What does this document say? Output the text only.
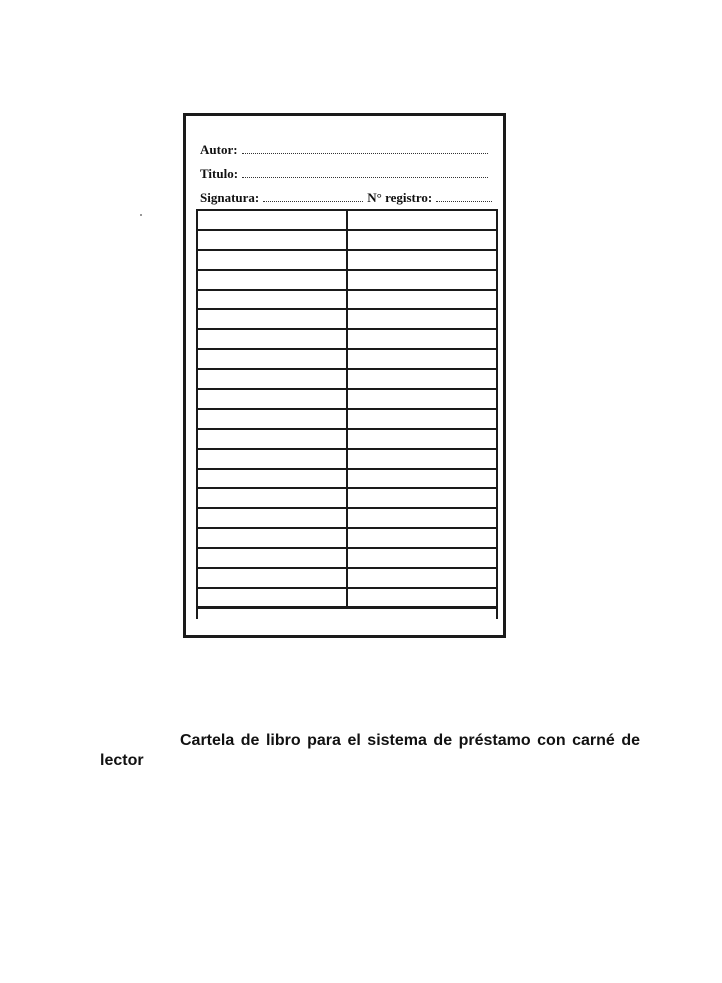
Autor:
Titulo:
Signatura:	N° registro:
Cartela de libro para el sistema de préstamo con carné de lector
